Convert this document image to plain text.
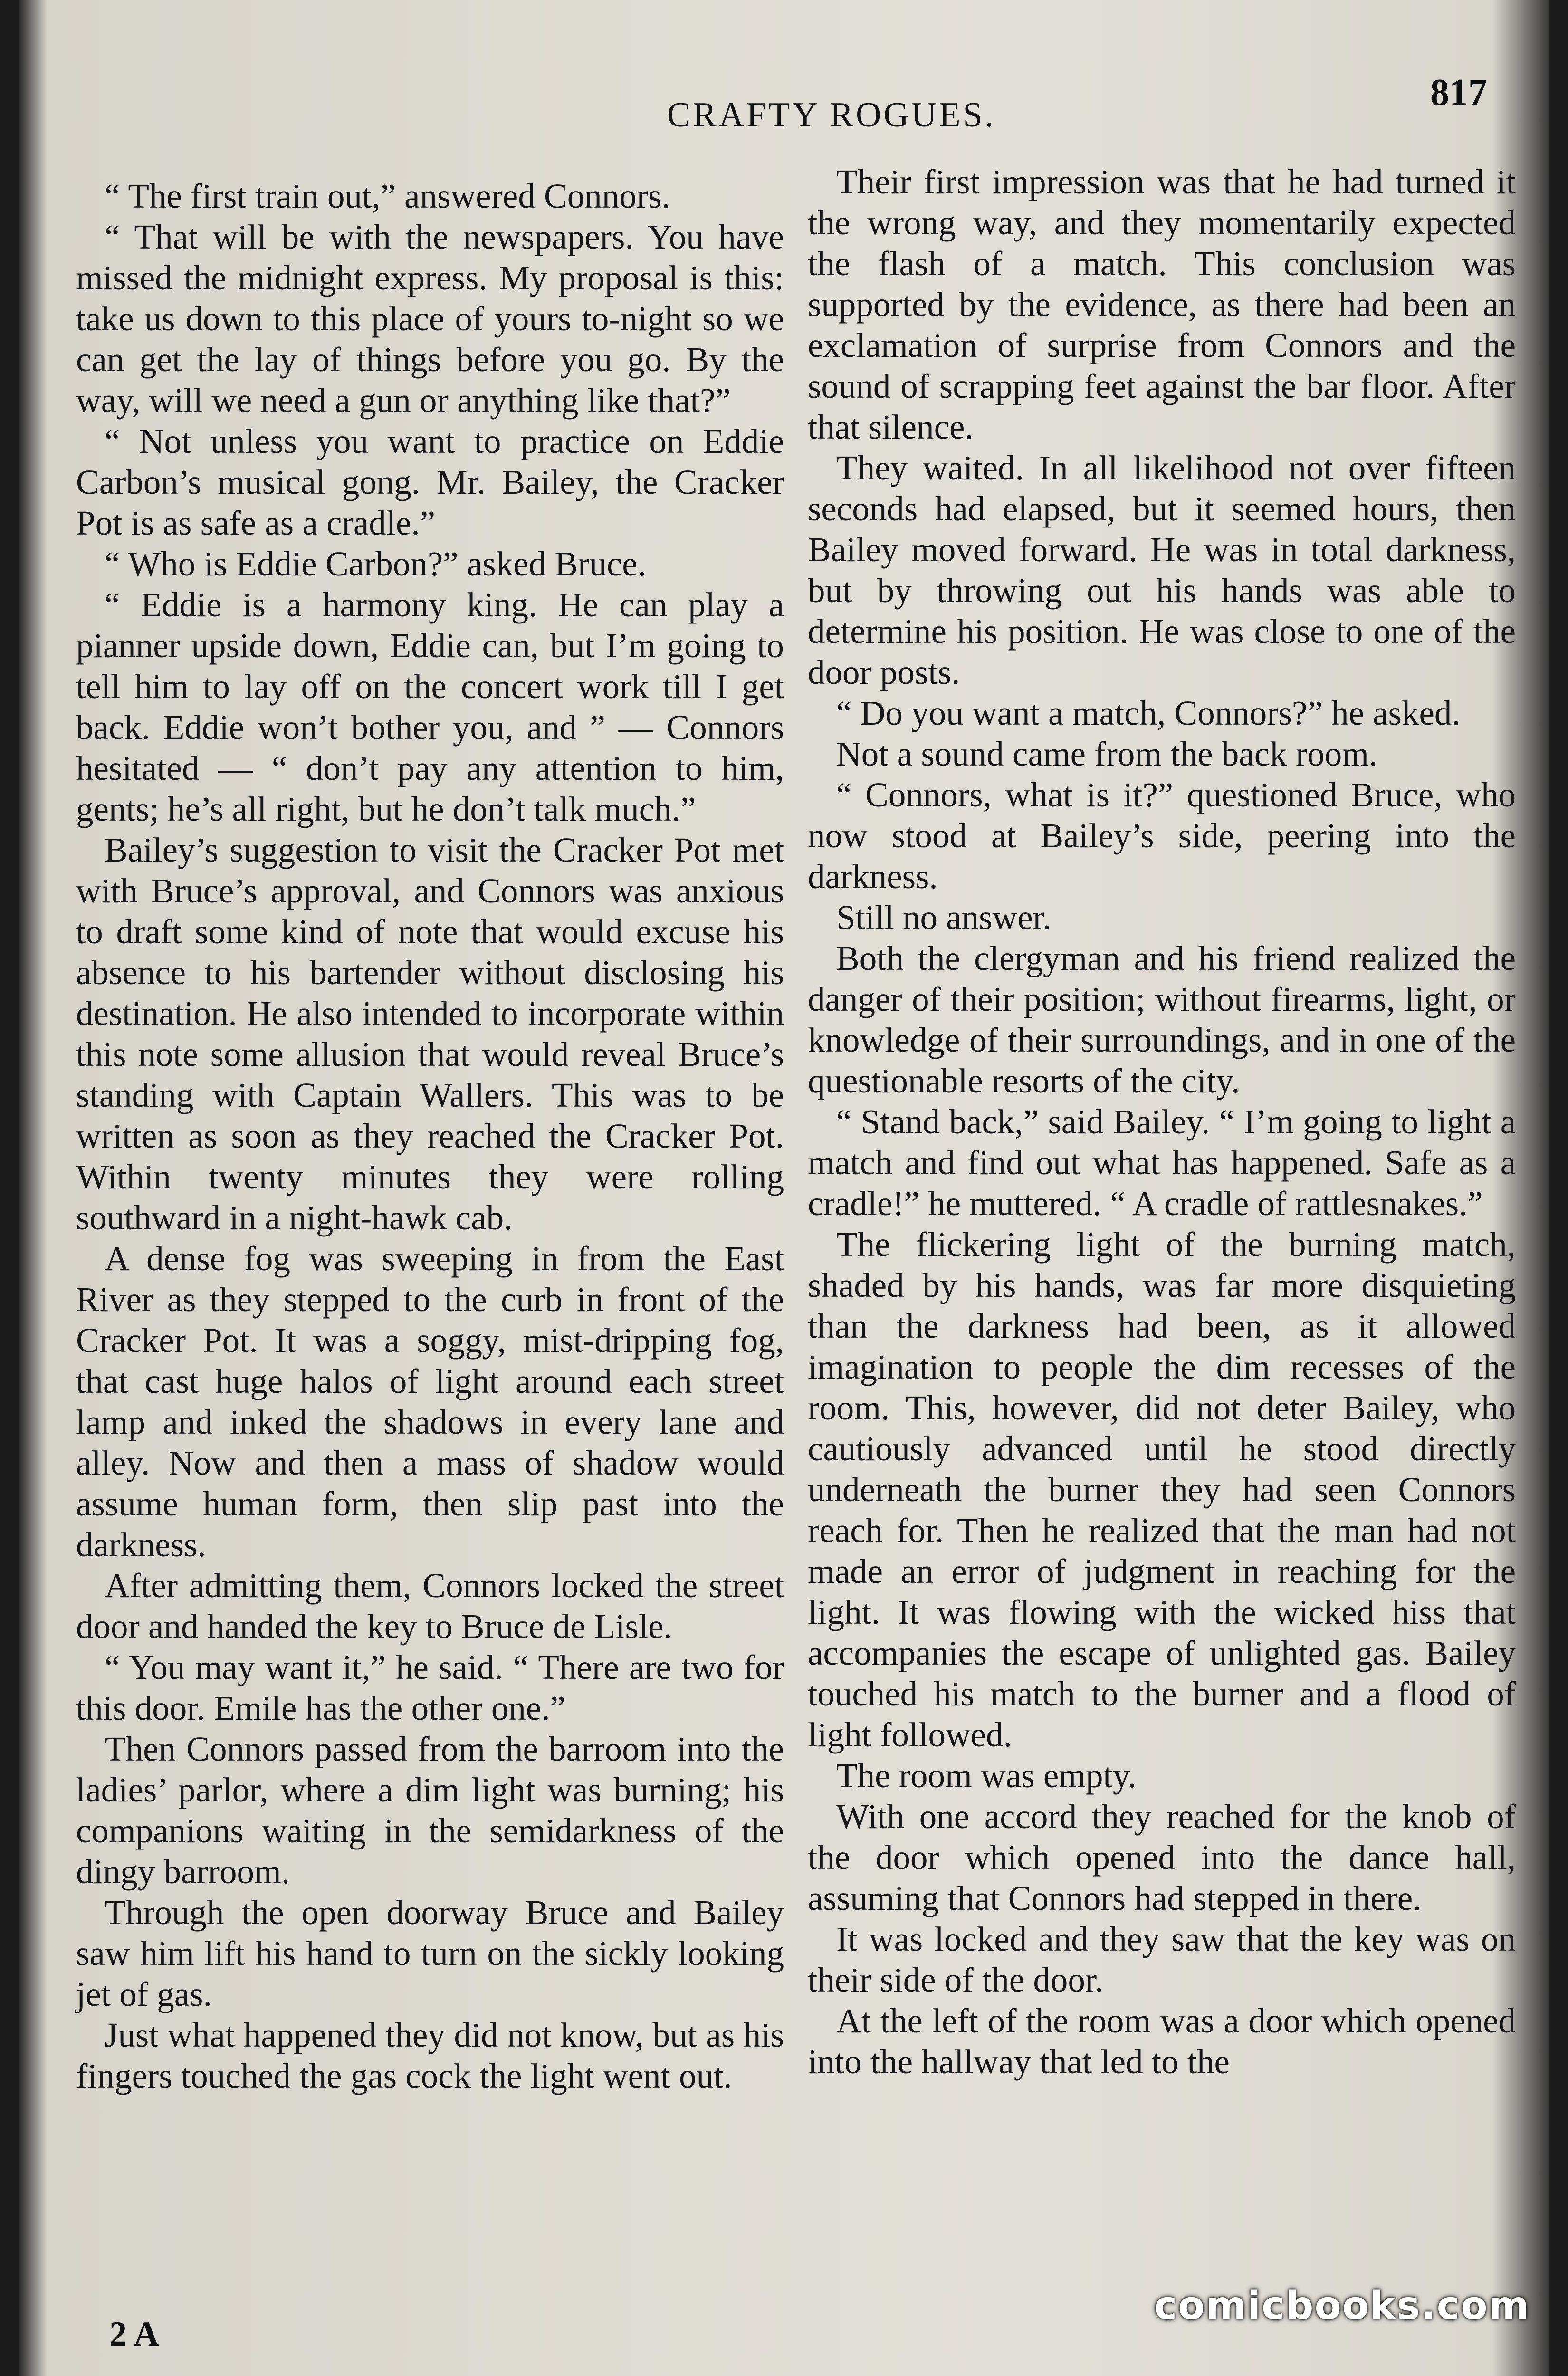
CRAFTY ROGUES.
817

“ The first train out,” answered Connors.

“ That will be with the newspapers. You have missed the midnight express. My proposal is this: take us down to this place of yours to-night so we can get the lay of things before you go. By the way, will we need a gun or anything like that?”

“ Not unless you want to practice on Eddie Carbon’s musical gong. Mr. Bailey, the Cracker Pot is as safe as a cradle.”

“ Who is Eddie Carbon?” asked Bruce.

“ Eddie is a harmony king. He can play a pianner upside down, Eddie can, but I’m going to tell him to lay off on the concert work till I get back. Eddie won’t bother you, and ” — Connors hesitated — “ don’t pay any attention to him, gents; he’s all right, but he don’t talk much.”

Bailey’s suggestion to visit the Cracker Pot met with Bruce’s approval, and Connors was anxious to draft some kind of note that would excuse his absence to his bartender without disclosing his destination. He also intended to incorporate within this note some allusion that would reveal Bruce’s standing with Captain Wallers. This was to be written as soon as they reached the Cracker Pot. Within twenty minutes they were rolling southward in a night-hawk cab.

A dense fog was sweeping in from the East River as they stepped to the curb in front of the Cracker Pot. It was a soggy, mist-dripping fog, that cast huge halos of light around each street lamp and inked the shadows in every lane and alley. Now and then a mass of shadow would assume human form, then slip past into the darkness.

After admitting them, Connors locked the street door and handed the key to Bruce de Lisle.

“ You may want it,” he said. “ There are two for this door. Emile has the other one.”

Then Connors passed from the barroom into the ladies’ parlor, where a dim light was burning; his companions waiting in the semidarkness of the dingy barroom.

Through the open doorway Bruce and Bailey saw him lift his hand to turn on the sickly looking jet of gas.

Just what happened they did not know, but as his fingers touched the gas cock the light went out.

Their first impression was that he had turned it the wrong way, and they momentarily expected the flash of a match. This conclusion was supported by the evidence, as there had been an exclamation of surprise from Connors and the sound of scrapping feet against the bar floor. After that silence.

They waited. In all likelihood not over fifteen seconds had elapsed, but it seemed hours, then Bailey moved forward. He was in total darkness, but by throwing out his hands was able to determine his position. He was close to one of the door posts.

“ Do you want a match, Connors?” he asked.

Not a sound came from the back room.

“ Connors, what is it?” questioned Bruce, who now stood at Bailey’s side, peering into the darkness.

Still no answer.

Both the clergyman and his friend realized the danger of their position; without firearms, light, or knowledge of their surroundings, and in one of the questionable resorts of the city.

“ Stand back,” said Bailey. “ I’m going to light a match and find out what has happened. Safe as a cradle!” he muttered. “ A cradle of rattlesnakes.”

The flickering light of the burning match, shaded by his hands, was far more disquieting than the darkness had been, as it allowed imagination to people the dim recesses of the room. This, however, did not deter Bailey, who cautiously advanced until he stood directly underneath the burner they had seen Connors reach for. Then he realized that the man had not made an error of judgment in reaching for the light. It was flowing with the wicked hiss that accompanies the escape of unlighted gas. Bailey touched his match to the burner and a flood of light followed.

The room was empty.

With one accord they reached for the knob of the door which opened into the dance hall, assuming that Connors had stepped in there.

It was locked and they saw that the key was on their side of the door.

At the left of the room was a door which opened into the hallway that led to the

2 A
comicbooks.com
